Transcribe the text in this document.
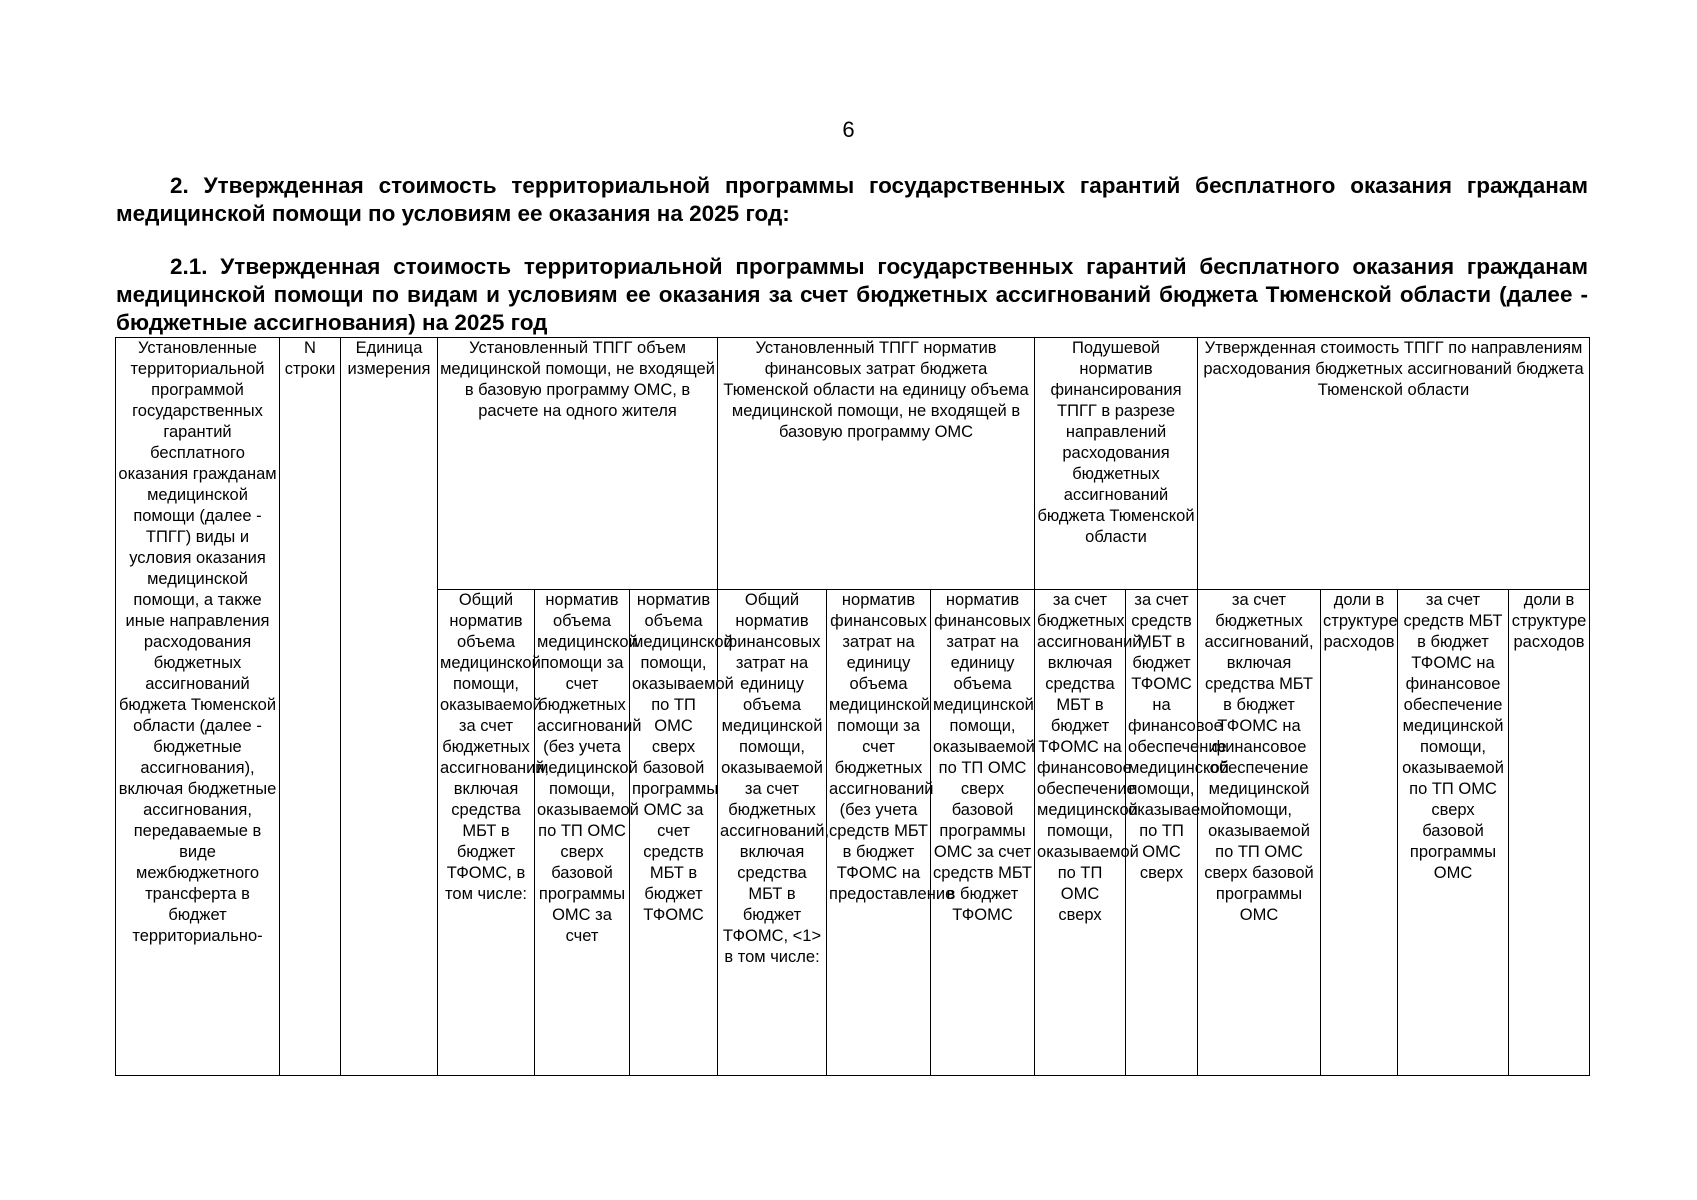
6
2. Утвержденная стоимость территориальной программы государственных гарантий бесплатного оказания гражданам медицинской помощи по условиям ее оказания на 2025 год:
2.1. Утвержденная стоимость территориальной программы государственных гарантий бесплатного оказания гражданам медицинской помощи по видам и условиям ее оказания за счет бюджетных ассигнований бюджета Тюменской области (далее - бюджетные ассигнования) на 2025 год
Установленные территориальной программой государственных гарантий бесплатного оказания гражданам медицинской помощи (далее - ТПГГ) виды и условия оказания медицинской помощи, а также иные направления расходования бюджетных ассигнований бюджета Тюменской области (далее - бюджетные ассигнования), включая бюджетные ассигнования, передаваемые в виде межбюджетного трансферта в бюджет территориально-	N строки	Единица измерения	Установленный ТПГГ объем медицинской помощи, не входящей в базовую программу ОМС, в расчете на одного жителя			Установленный ТПГГ норматив финансовых затрат бюджета Тюменской области на единицу объема медицинской помощи, не входящей в базовую программу ОМС			Подушевой норматив финансирования ТПГГ в разрезе направлений расходования бюджетных ассигнований бюджета Тюменской области		Утвержденная стоимость ТПГГ по направлениям расходования бюджетных ассигнований бюджета Тюменской области			
			Общий норматив объема медицинской помощи, оказываемой за счет бюджетных ассигнований, включая средства МБТ в бюджет ТФОМС, в том числе:	норматив объема медицинской помощи за счет бюджетных ассигнований (без учета медицинской помощи, оказываемой по ТП ОМС сверх базовой программы ОМС за счет	норматив объема медицинской помощи, оказываемой по ТП ОМС сверх базовой программы ОМС за счет средств МБТ в бюджет ТФОМС	Общий норматив финансовых затрат на единицу объема медицинской помощи, оказываемой за счет бюджетных ассигнований, включая средства МБТ в бюджет ТФОМС, <1> в том числе:	норматив финансовых затрат на единицу объема медицинской помощи за счет бюджетных ассигнований (без учета средств МБТ в бюджет ТФОМС на предоставление	норматив финансовых затрат на единицу объема медицинской помощи, оказываемой по ТП ОМС сверх базовой программы ОМС за счет средств МБТ в бюджет ТФОМС	за счет бюджетных ассигнований, включая средства МБТ в бюджет ТФОМС на финансовое обеспечение медицинской помощи, оказываемой по ТП ОМС сверх	за счет средств МБТ в бюджет ТФОМС на финансовое обеспечение медицинской помощи, оказываемой по ТП ОМС сверх	за счет бюджетных ассигнований, включая средства МБТ в бюджет ТФОМС на финансовое обеспечение медицинской помощи, оказываемой по ТП ОМС сверх базовой программы ОМС	доли в структуре расходов	за счет средств МБТ в бюджет ТФОМС на финансовое обеспечение медицинской помощи, оказываемой по ТП ОМС сверх базовой программы ОМС	доли в структуре расходов
